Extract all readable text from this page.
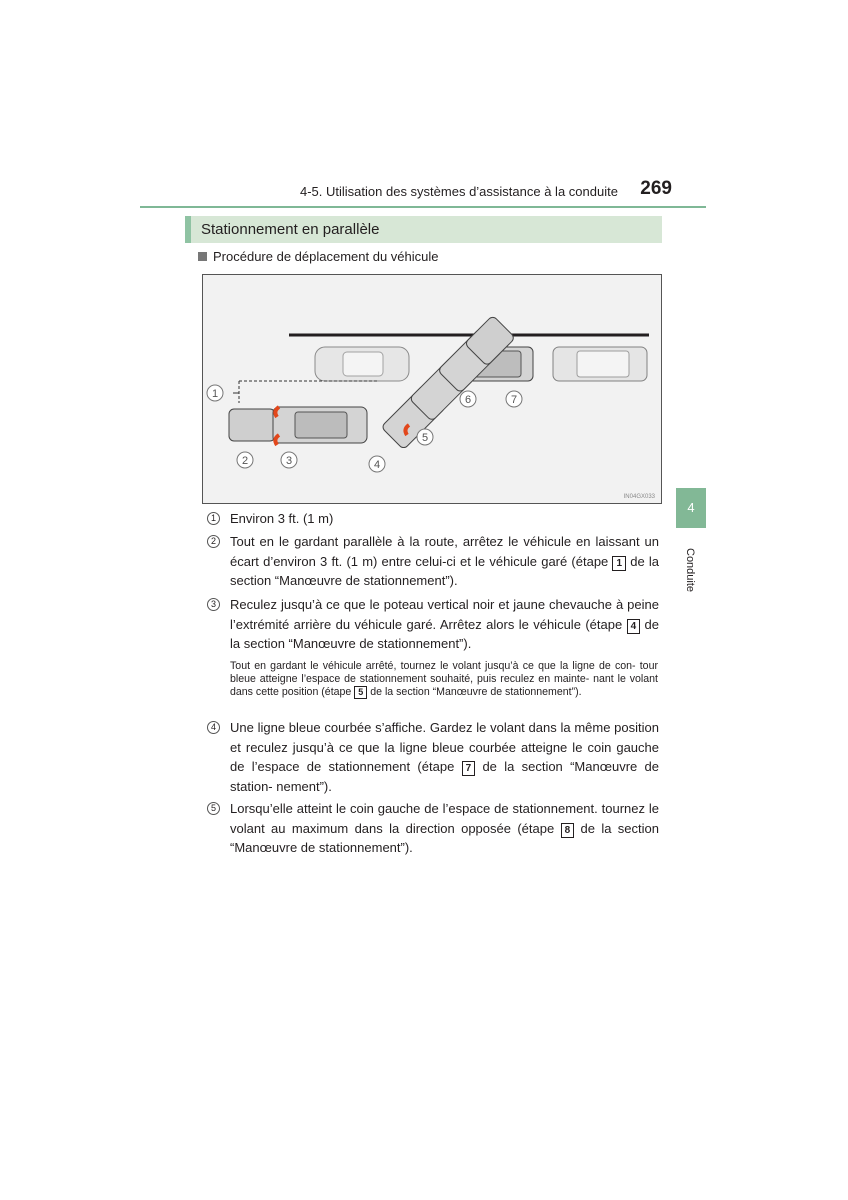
4-5. Utilisation des systèmes d’assistance à la conduite	269
Stationnement en parallèle
Procédure de déplacement du véhicule
1
2	3	4
5
6	7
IN04GX033
4
Conduite
1	Environ 3 ft. (1 m)
2	Tout en le gardant parallèle à la route, arrêtez le véhicule en laissant un écart d’environ 3 ft. (1 m) entre celui-ci et le véhicule garé (étape 1 de la section “Manœuvre de stationnement”).
3	Reculez jusqu’à ce que le poteau vertical noir et jaune chevauche à peine l’extrémité arrière du véhicule garé. Arrêtez alors le véhicule (étape 4 de la section “Manœuvre de stationnement”).
Tout en gardant le véhicule arrêté, tournez le volant jusqu’à ce que la ligne de con- tour bleue atteigne l’espace de stationnement souhaité, puis reculez en mainte- nant le volant dans cette position (étape 5 de la section “Manœuvre de stationnement”).
4	Une ligne bleue courbée s’affiche. Gardez le volant dans la même position et reculez jusqu’à ce que la ligne bleue courbée atteigne le coin gauche de l’espace de stationnement (étape 7 de la section “Manœuvre de station- nement”).
5	Lorsqu’elle atteint le coin gauche de l’espace de stationnement. tournez le volant au maximum dans la direction opposée (étape 8 de la section “Manœuvre de stationnement”).
